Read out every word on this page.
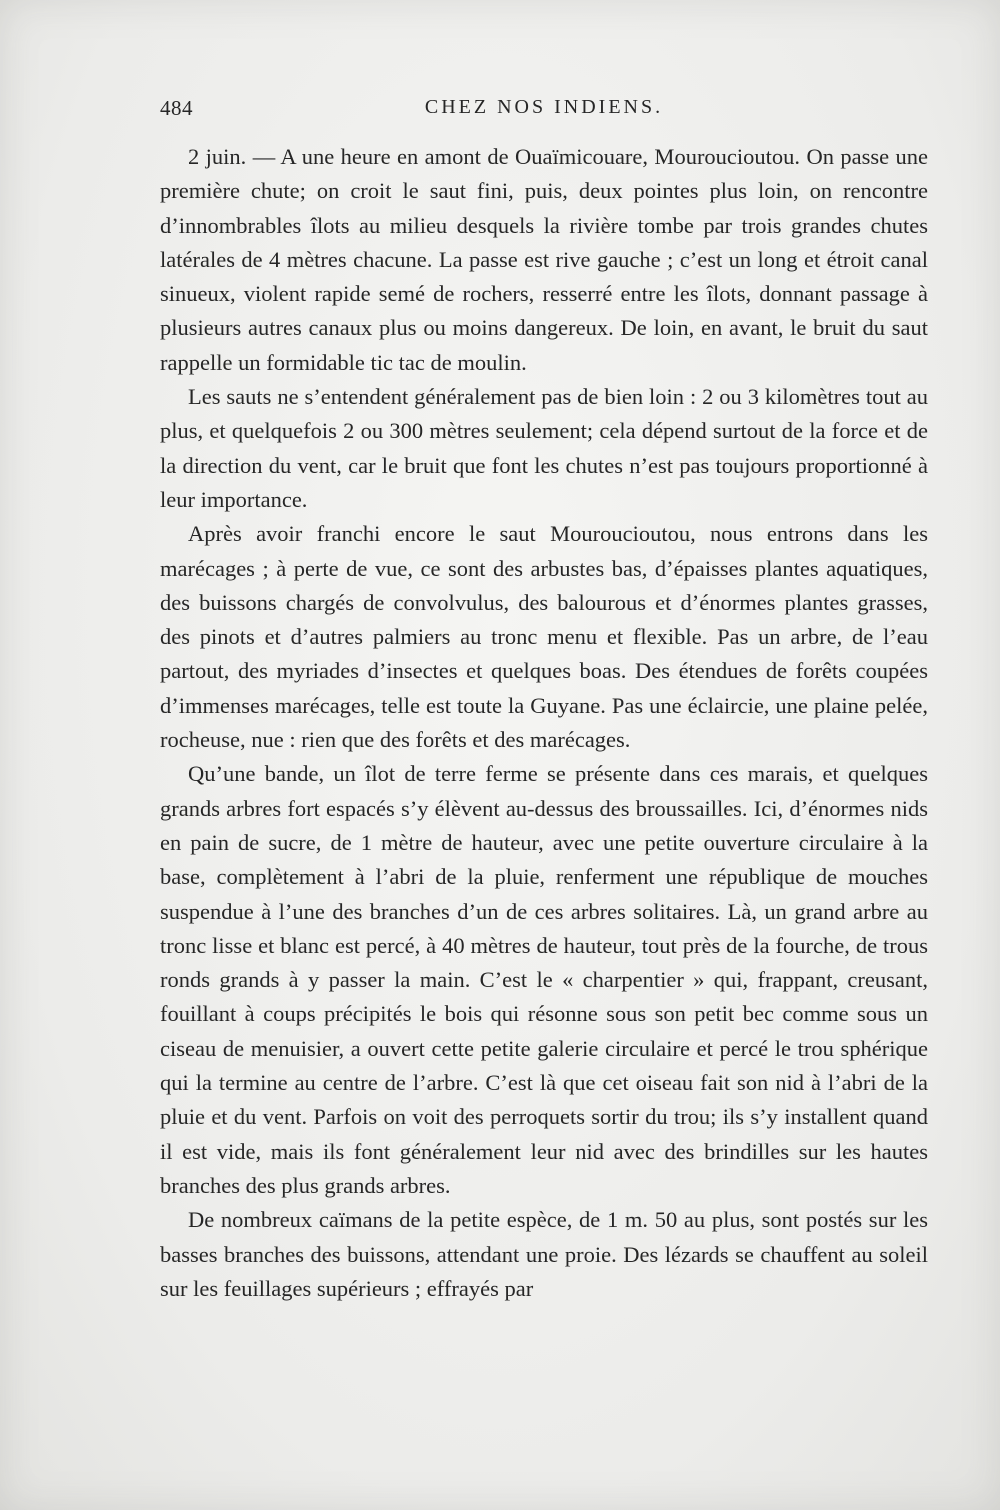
484	CHEZ NOS INDIENS.

2 juin. — A une heure en amont de Ouaïmicouare, Mouroucioutou. On passe une première chute; on croit le saut fini, puis, deux pointes plus loin, on rencontre d’innombrables îlots au milieu desquels la rivière tombe par trois grandes chutes latérales de 4 mètres chacune. La passe est rive gauche ; c’est un long et étroit canal sinueux, violent rapide semé de rochers, resserré entre les îlots, donnant passage à plusieurs autres canaux plus ou moins dangereux. De loin, en avant, le bruit du saut rappelle un formidable tic tac de moulin.

Les sauts ne s’entendent généralement pas de bien loin : 2 ou 3 kilomètres tout au plus, et quelquefois 2 ou 300 mètres seulement; cela dépend surtout de la force et de la direction du vent, car le bruit que font les chutes n’est pas toujours proportionné à leur importance.

Après avoir franchi encore le saut Mouroucioutou, nous entrons dans les marécages ; à perte de vue, ce sont des arbustes bas, d’épaisses plantes aquatiques, des buissons chargés de convolvulus, des balourous et d’énormes plantes grasses, des pinots et d’autres palmiers au tronc menu et flexible. Pas un arbre, de l’eau partout, des myriades d’insectes et quelques boas. Des étendues de forêts coupées d’immenses marécages, telle est toute la Guyane. Pas une éclaircie, une plaine pelée, rocheuse, nue : rien que des forêts et des marécages.

Qu’une bande, un îlot de terre ferme se présente dans ces marais, et quelques grands arbres fort espacés s’y élèvent au-dessus des broussailles. Ici, d’énormes nids en pain de sucre, de 1 mètre de hauteur, avec une petite ouverture circulaire à la base, complètement à l’abri de la pluie, renferment une république de mouches suspendue à l’une des branches d’un de ces arbres solitaires. Là, un grand arbre au tronc lisse et blanc est percé, à 40 mètres de hauteur, tout près de la fourche, de trous ronds grands à y passer la main. C’est le « charpentier » qui, frappant, creusant, fouillant à coups précipités le bois qui résonne sous son petit bec comme sous un ciseau de menuisier, a ouvert cette petite galerie circulaire et percé le trou sphérique qui la termine au centre de l’arbre. C’est là que cet oiseau fait son nid à l’abri de la pluie et du vent. Parfois on voit des perroquets sortir du trou; ils s’y installent quand il est vide, mais ils font généralement leur nid avec des brindilles sur les hautes branches des plus grands arbres.

De nombreux caïmans de la petite espèce, de 1 m. 50 au plus, sont postés sur les basses branches des buissons, attendant une proie. Des lézards se chauffent au soleil sur les feuillages supérieurs ; effrayés par
